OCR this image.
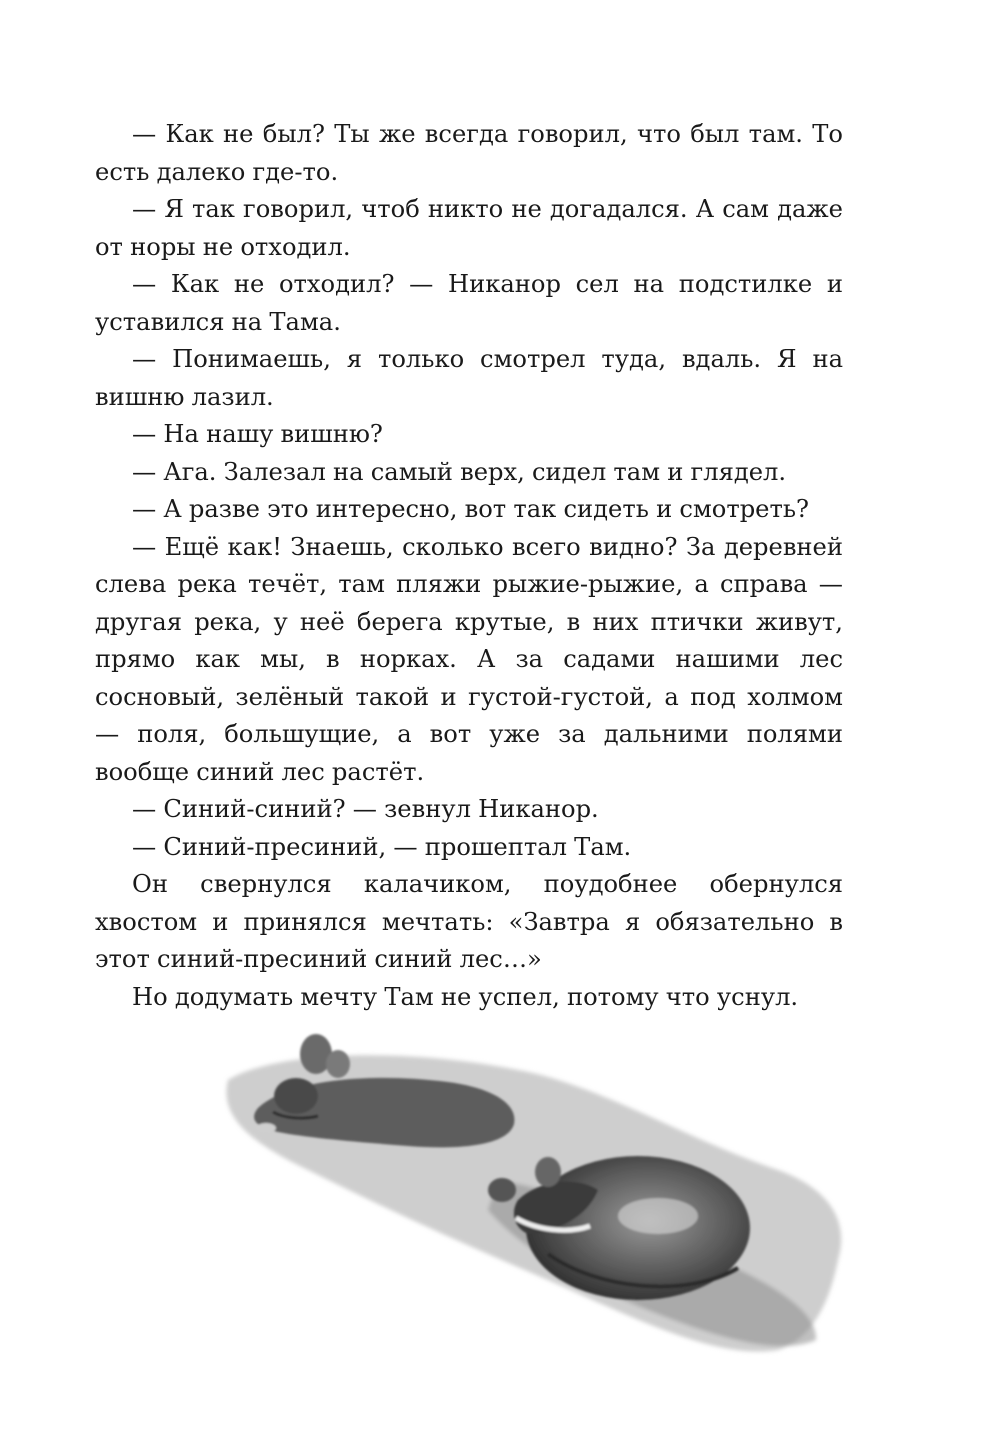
— Как не был? Ты же всегда говорил, что был там. То есть далеко где-то.

— Я так говорил, чтоб никто не догадался. А сам даже от норы не отходил.

— Как не отходил? — Никанор сел на подстилке и уставился на Тама.

— Понимаешь, я только смотрел туда, вдаль. Я на вишню лазил.

— На нашу вишню?

— Ага. Залезал на самый верх, сидел там и глядел.

— А разве это интересно, вот так сидеть и смотреть?

— Ещё как! Знаешь, сколько всего видно? За деревней слева река течёт, там пляжи рыжие-рыжие, а справа — другая река, у неё берега крутые, в них птички живут, прямо как мы, в норках. А за садами нашими лес сосновый, зелёный такой и густой-густой, а под холмом — поля, большущие, а вот уже за дальними полями вообще синий лес растёт.

— Синий-синий? — зевнул Никанор.

— Синий-пресиний, — прошептал Там.

Он свернулся калачиком, поудобнее обернулся хвостом и принялся мечтать: «Завтра я обязательно в этот синий-пресиний синий лес…»

Но додумать мечту Там не успел, потому что уснул.
